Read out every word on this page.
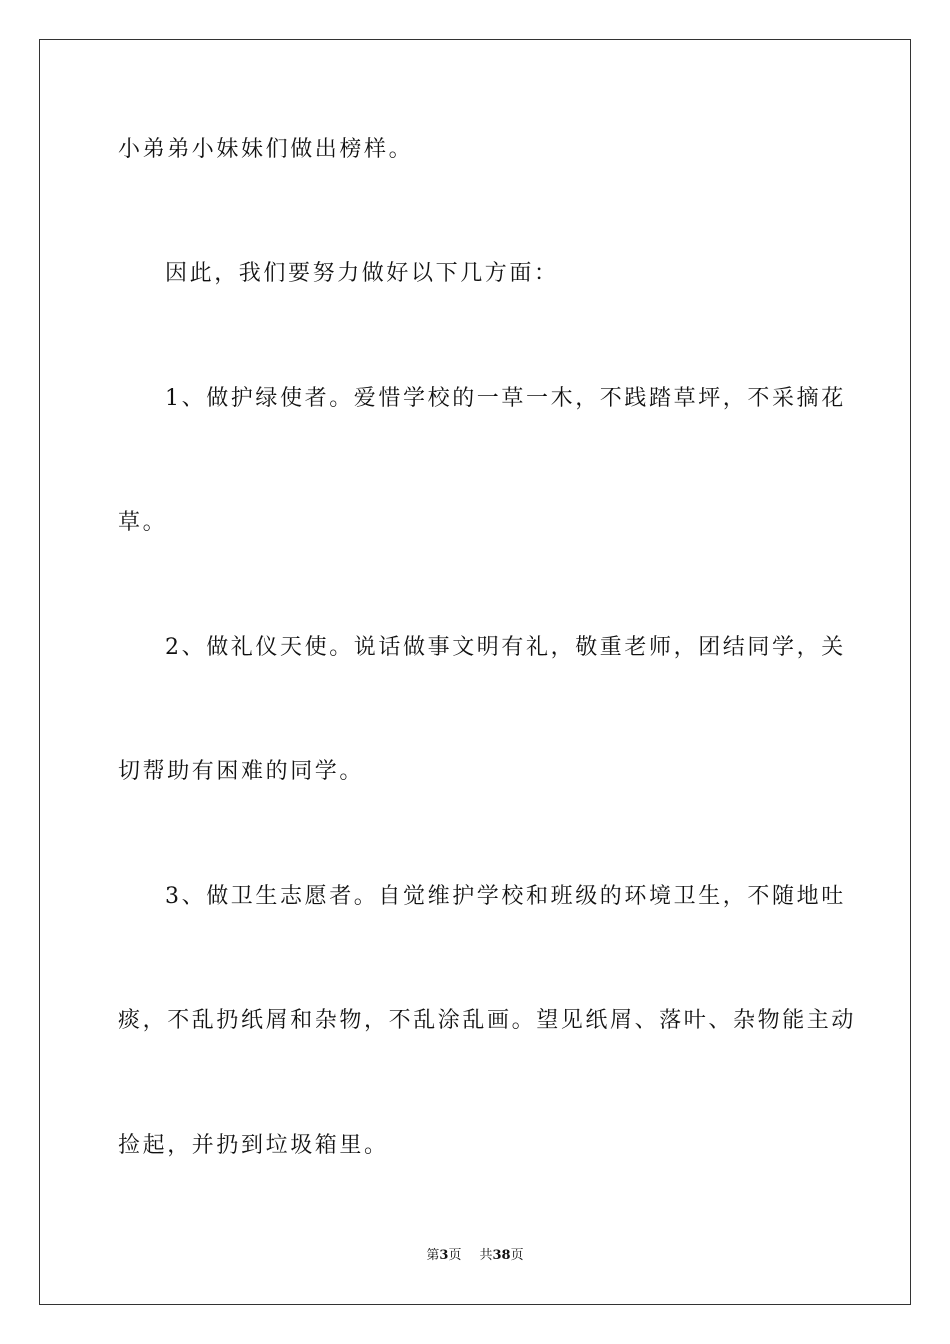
小弟弟小妹妹们做出榜样。
因此，我们要努力做好以下几方面：
1、做护绿使者。爱惜学校的一草一木，不践踏草坪，不采摘花
草。
2、做礼仪天使。说话做事文明有礼，敬重老师，团结同学，关
切帮助有困难的同学。
3、做卫生志愿者。自觉维护学校和班级的环境卫生，不随地吐
痰，不乱扔纸屑和杂物，不乱涂乱画。望见纸屑、落叶、杂物能主动
捡起，并扔到垃圾箱里。
第3页 共38页
